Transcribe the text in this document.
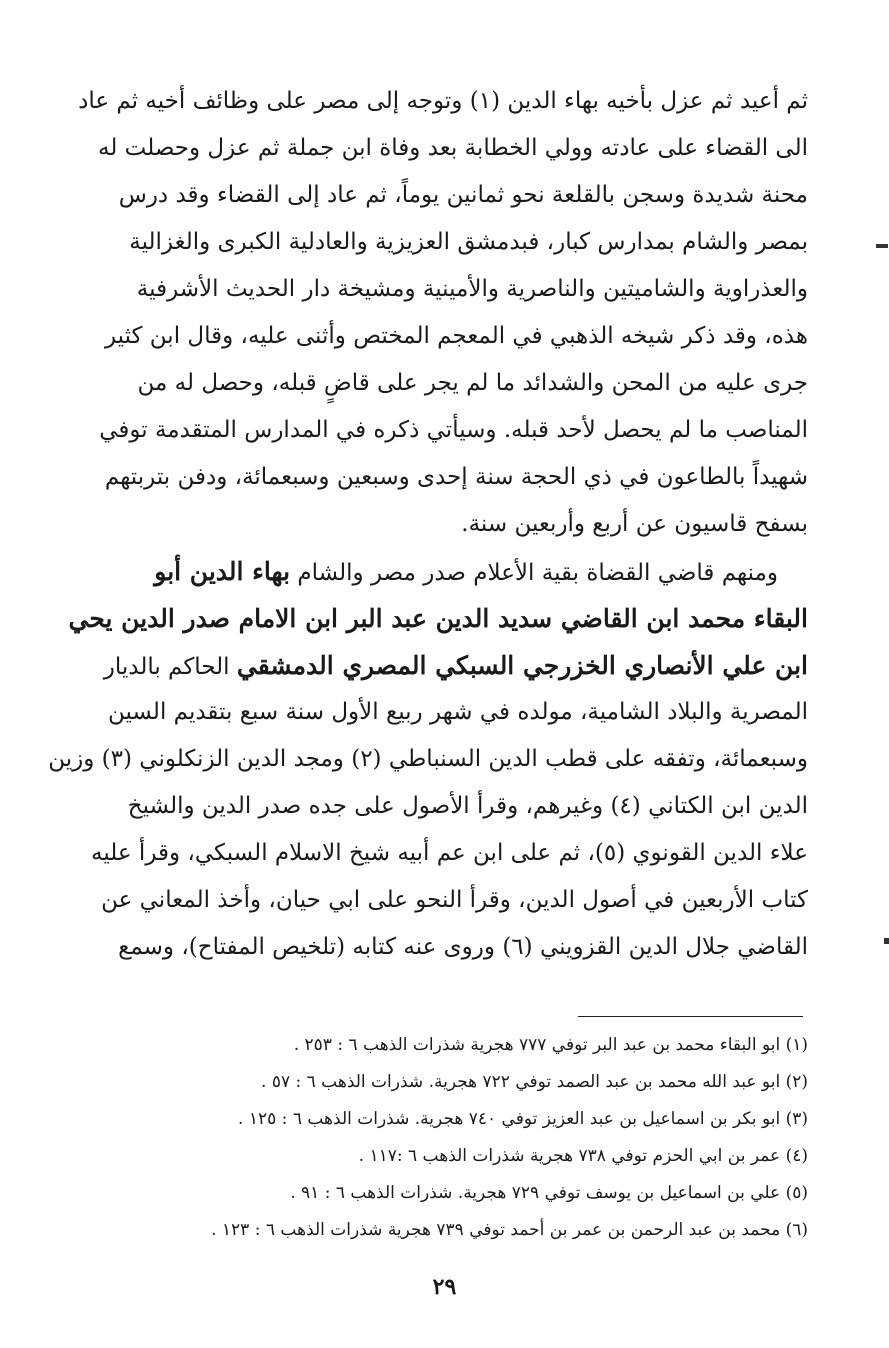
ثم أعيد ثم عزل بأخيه بهاء الدين (١) وتوجه إلى مصر على وظائف أخيه ثم عاد
الى القضاء على عادته وولي الخطابة بعد وفاة ابن جملة ثم عزل وحصلت له
محنة شديدة وسجن بالقلعة نحو ثمانين يوماً، ثم عاد إلى القضاء وقد درس
بمصر والشام بمدارس كبار، فبدمشق العزيزية والعادلية الكبرى والغزالية
والعذراوية والشاميتين والناصرية والأمينية ومشيخة دار الحديث الأشرفية
هذه، وقد ذكر شيخه الذهبي في المعجم المختص وأثنى عليه، وقال ابن كثير
جرى عليه من المحن والشدائد ما لم يجر على قاضٍ قبله، وحصل له من
المناصب ما لم يحصل لأحد قبله. وسيأتي ذكره في المدارس المتقدمة توفي
شهيداً بالطاعون في ذي الحجة سنة إحدى وسبعين وسبعمائة، ودفن بتربتهم
بسفح قاسيون عن أربع وأربعين سنة.
ومنهم قاضي القضاة بقية الأعلام صدر مصر والشام بهاء الدين أبو
البقاء محمد ابن القاضي سديد الدين عبد البر ابن الامام صدر الدين يحي
ابن علي الأنصاري الخزرجي السبكي المصري الدمشقي الحاكم بالديار
المصرية والبلاد الشامية، مولده في شهر ربيع الأول سنة سبع بتقديم السين
وسبعمائة، وتفقه على قطب الدين السنباطي (٢) ومجد الدين الزنكلوني (٣) وزين
الدين ابن الكتاني (٤) وغيرهم، وقرأ الأصول على جده صدر الدين والشيخ
علاء الدين القونوي (٥)، ثم على ابن عم أبيه شيخ الاسلام السبكي، وقرأ عليه
كتاب الأربعين في أصول الدين، وقرأ النحو على ابي حيان، وأخذ المعاني عن
القاضي جلال الدين القزويني (٦) وروى عنه كتابه (تلخيص المفتاح)، وسمع
(١) ابو البقاء محمد بن عبد البر توفي ٧٧٧ هجرية شذرات الذهب ٦ : ٢٥٣ .
(٢) ابو عبد الله محمد بن عبد الصمد توفي ٧٢٢ هجرية. شذرات الذهب ٦ : ٥٧ .
(٣) ابو بكر بن اسماعيل بن عبد العزيز توفي ٧٤٠ هجرية. شذرات الذهب ٦ : ١٢٥ .
(٤) عمر بن ابي الحزم توفي ٧٣٨ هجرية شذرات الذهب ٦ :١١٧ .
(٥) علي بن اسماعيل بن يوسف توفي ٧٢٩ هجرية. شذرات الذهب ٦ : ٩١ .
(٦) محمد بن عبد الرحمن بن عمر بن أحمد توفي ٧٣٩ هجرية شذرات الذهب ٦ : ١٢٣ .
٢٩
